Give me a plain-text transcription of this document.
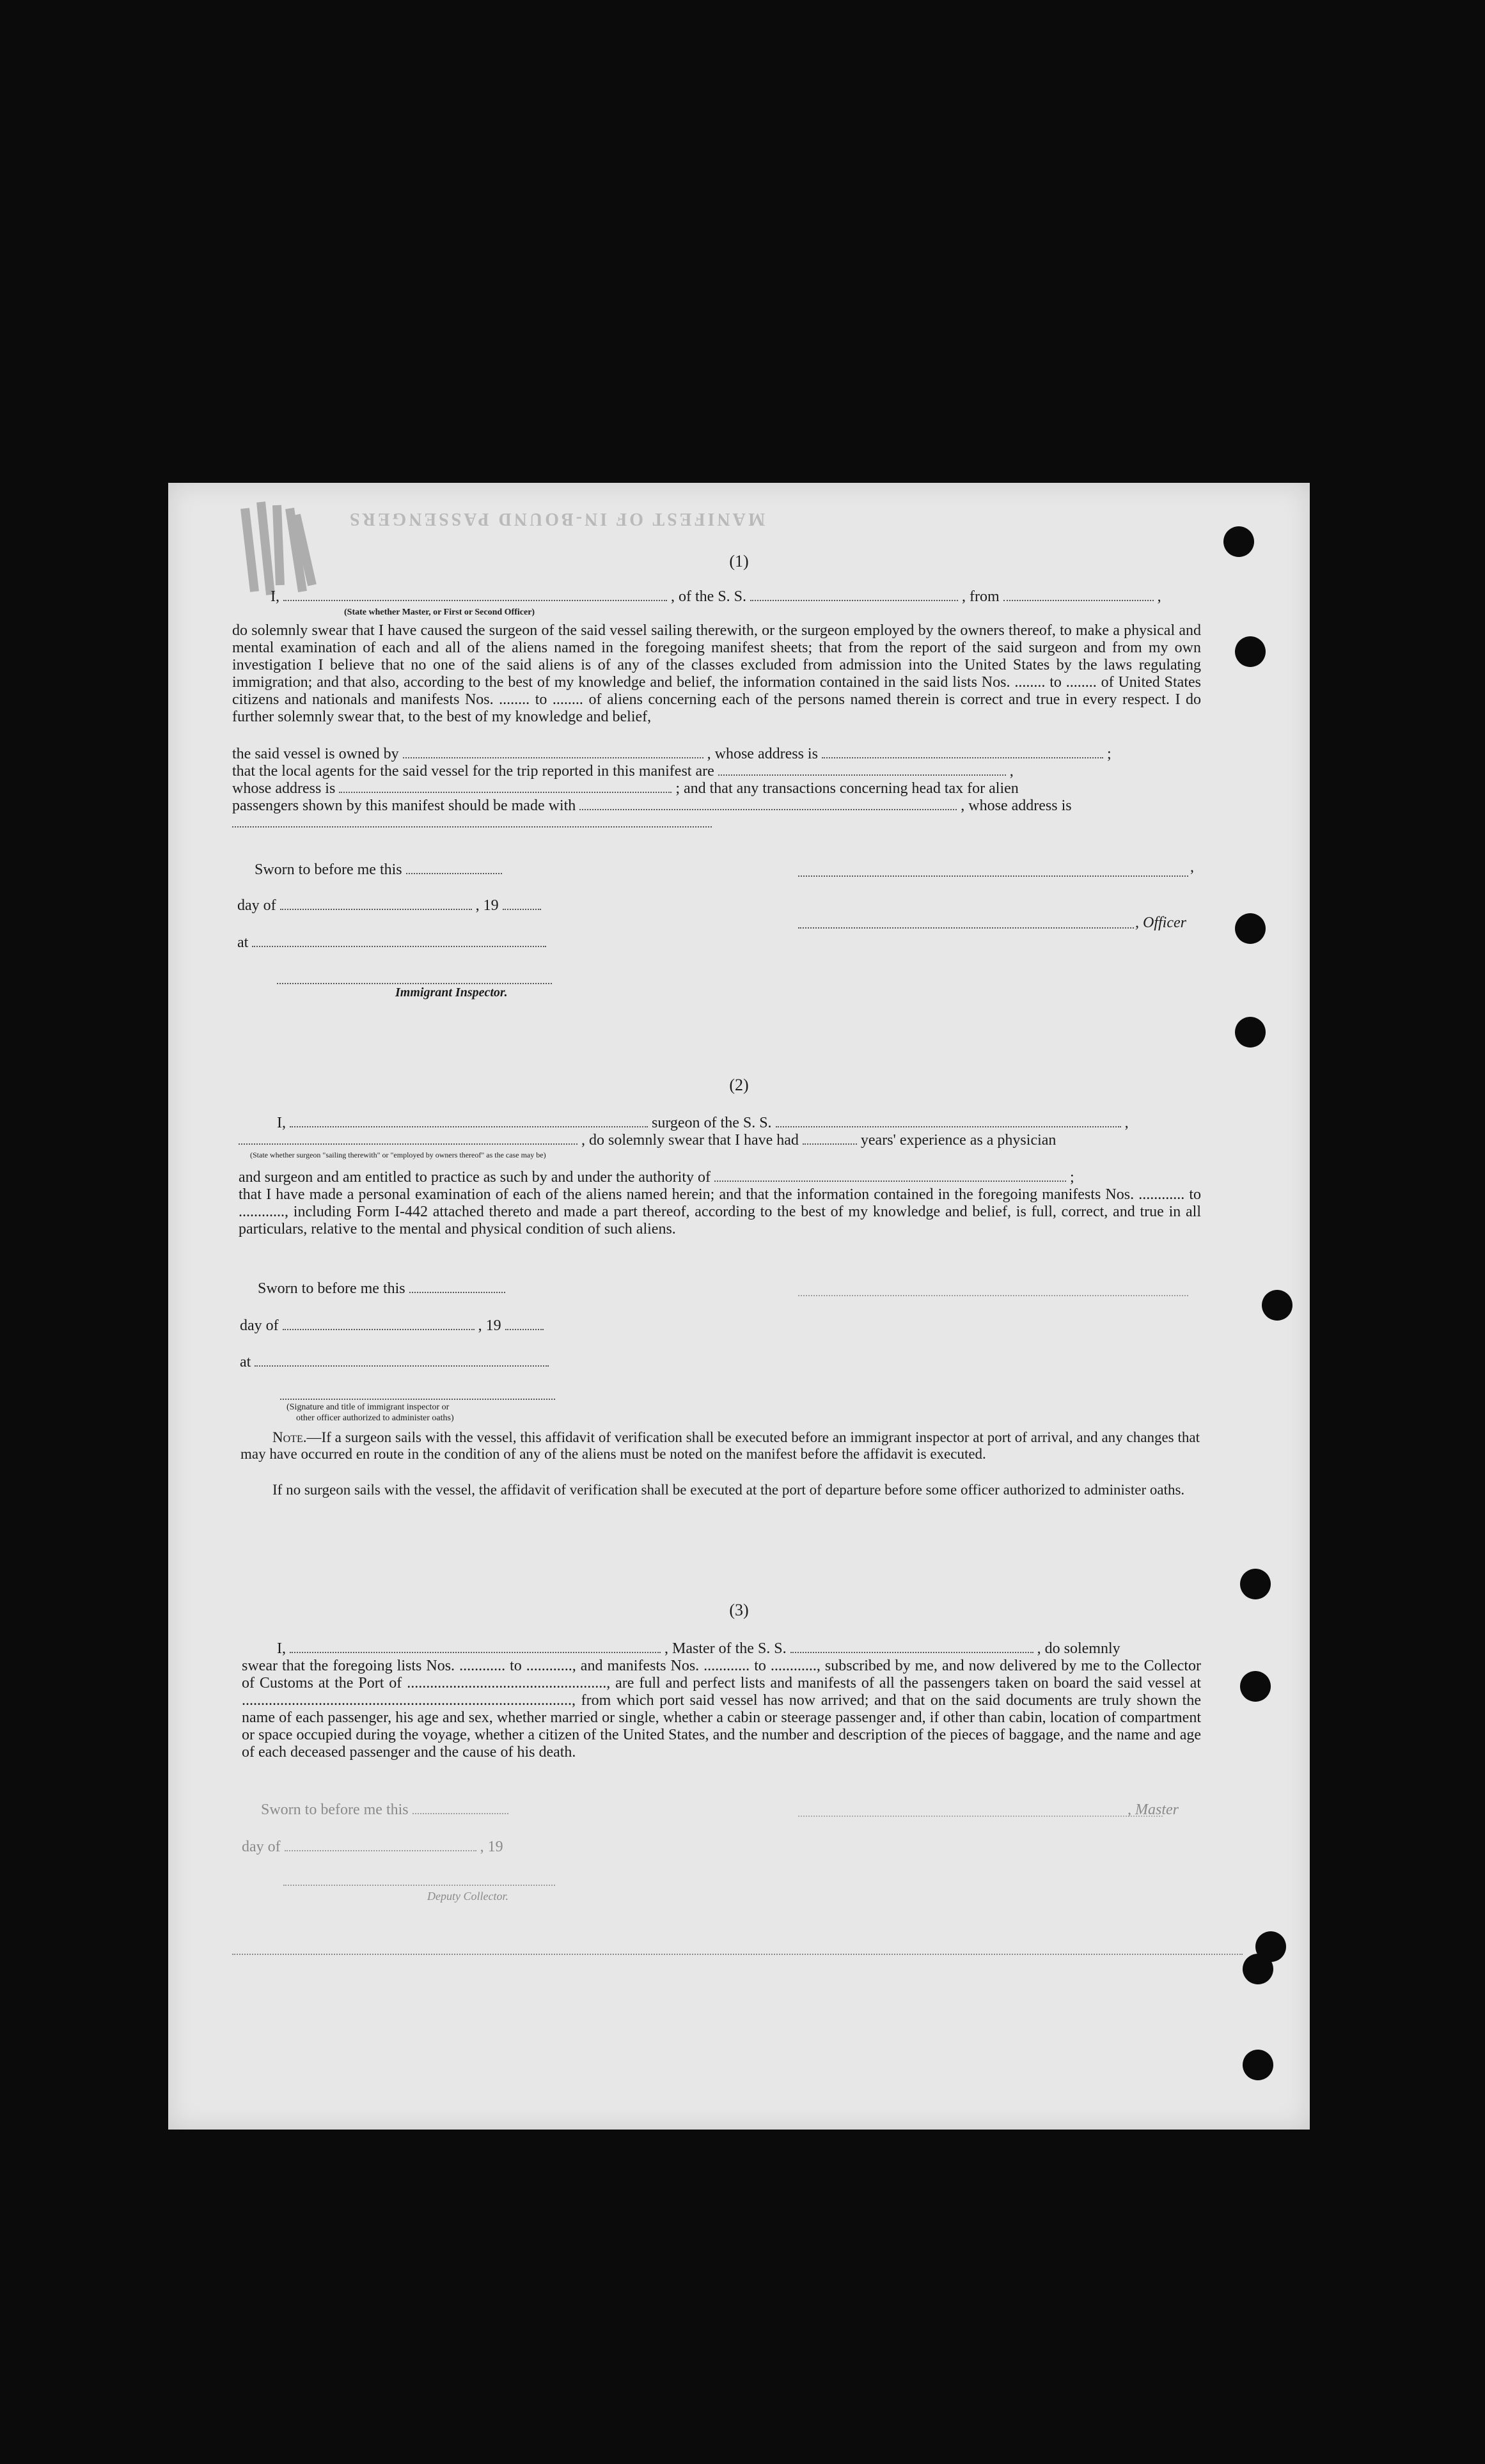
MANIFEST OF IN-BOUND PASSENGERS
(1)
I,	, of the S. S.	, from	,
(State whether Master, or First or Second Officer)
do solemnly swear that I have caused the surgeon of the said vessel sailing therewith, or the surgeon employed by the owners thereof, to make a physical and mental examination of each and all of the aliens named in the foregoing manifest sheets; that from the report of the said surgeon and from my own investigation I believe that no one of the said aliens is of any of the classes excluded from admission into the United States by the laws regulating immigration; and that also, according to the best of my knowledge and belief, the information contained in the said lists Nos. ........ to ........ of United States citizens and nationals and manifests Nos. ........ to ........ of aliens concerning each of the persons named therein is correct and true in every respect. I do further solemnly swear that, to the best of my knowledge and belief,
the said vessel is owned by	, whose address is	;
that the local agents for the said vessel for the trip reported in this manifest are	,
whose address is	; and that any transactions concerning head tax for alien
passengers shown by this manifest should be made with	, whose address is
Sworn to before me this	,
day of	, 19
, Officer
at
Immigrant Inspector.
(2)
I,	surgeon of the S. S.	,
, do solemnly swear that I have had	years' experience as a physician
(State whether surgeon "sailing therewith" or "employed by owners thereof" as the case may be)
and surgeon and am entitled to practice as such by and under the authority of	;
that I have made a personal examination of each of the aliens named herein; and that the information contained in the foregoing manifests Nos. ............ to ............, including Form I-442 attached thereto and made a part thereof, according to the best of my knowledge and belief, is full, correct, and true in all particulars, relative to the mental and physical condition of such aliens.
Sworn to before me this
day of	, 19
at
(Signature and title of immigrant inspector or
other officer authorized to administer oaths)
Note.—If a surgeon sails with the vessel, this affidavit of verification shall be executed before an immigrant inspector at port of arrival, and any changes that may have occurred en route in the condition of any of the aliens must be noted on the manifest before the affidavit is executed.
If no surgeon sails with the vessel, the affidavit of verification shall be executed at the port of departure before some officer authorized to administer oaths.
(3)
I,	, Master of the S. S.	, do solemnly
swear that the foregoing lists Nos. ............ to ............, and manifests Nos. ............ to ............, subscribed by me, and now delivered by me to the Collector of Customs at the Port of ...................................................., are full and perfect lists and manifests of all the passengers taken on board the said vessel at ......................................................................................, from which port said vessel has now arrived; and that on the said documents are truly shown the name of each passenger, his age and sex, whether married or single, whether a cabin or steerage passenger and, if other than cabin, location of compartment or space occupied during the voyage, whether a citizen of the United States, and the number and description of the pieces of baggage, and the name and age of each deceased passenger and the cause of his death.
Sworn to before me this	, Master
day of	, 19
Deputy Collector.
